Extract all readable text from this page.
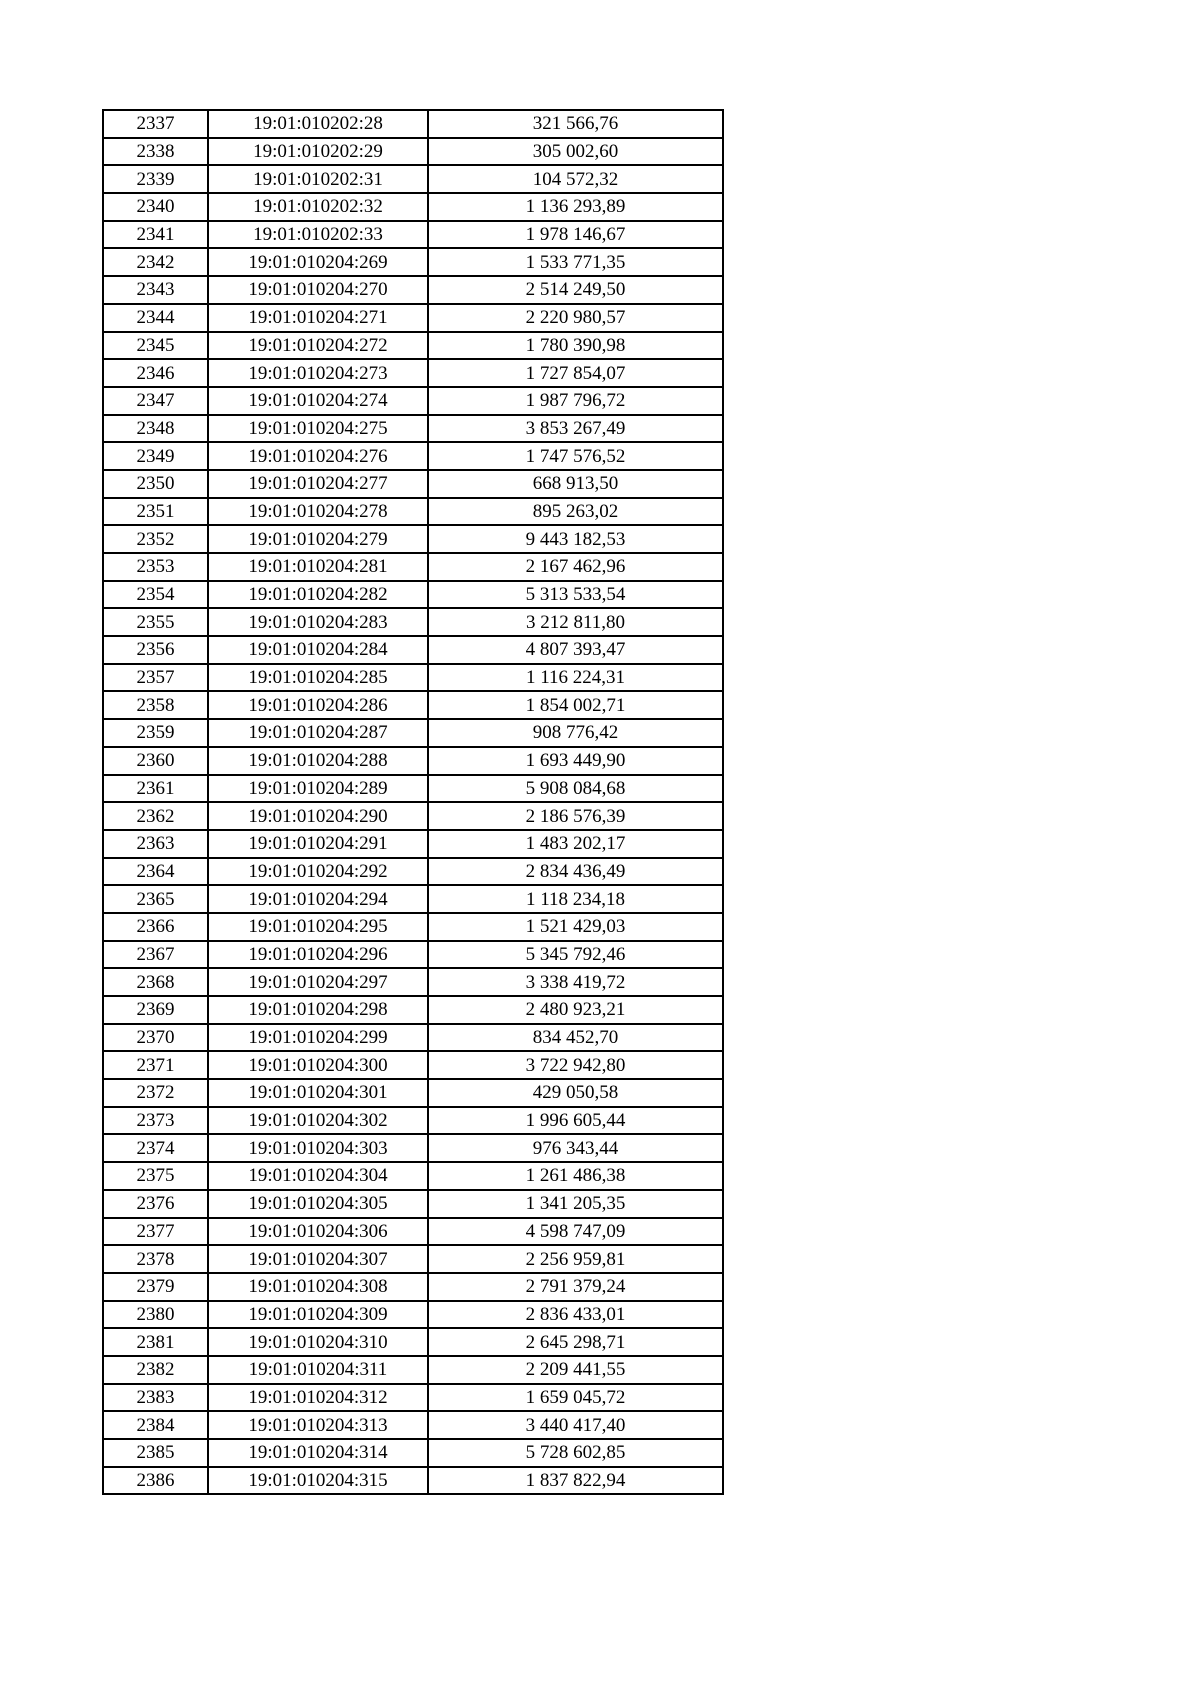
2337	19:01:010202:28	321 566,76
2338	19:01:010202:29	305 002,60
2339	19:01:010202:31	104 572,32
2340	19:01:010202:32	1 136 293,89
2341	19:01:010202:33	1 978 146,67
2342	19:01:010204:269	1 533 771,35
2343	19:01:010204:270	2 514 249,50
2344	19:01:010204:271	2 220 980,57
2345	19:01:010204:272	1 780 390,98
2346	19:01:010204:273	1 727 854,07
2347	19:01:010204:274	1 987 796,72
2348	19:01:010204:275	3 853 267,49
2349	19:01:010204:276	1 747 576,52
2350	19:01:010204:277	668 913,50
2351	19:01:010204:278	895 263,02
2352	19:01:010204:279	9 443 182,53
2353	19:01:010204:281	2 167 462,96
2354	19:01:010204:282	5 313 533,54
2355	19:01:010204:283	3 212 811,80
2356	19:01:010204:284	4 807 393,47
2357	19:01:010204:285	1 116 224,31
2358	19:01:010204:286	1 854 002,71
2359	19:01:010204:287	908 776,42
2360	19:01:010204:288	1 693 449,90
2361	19:01:010204:289	5 908 084,68
2362	19:01:010204:290	2 186 576,39
2363	19:01:010204:291	1 483 202,17
2364	19:01:010204:292	2 834 436,49
2365	19:01:010204:294	1 118 234,18
2366	19:01:010204:295	1 521 429,03
2367	19:01:010204:296	5 345 792,46
2368	19:01:010204:297	3 338 419,72
2369	19:01:010204:298	2 480 923,21
2370	19:01:010204:299	834 452,70
2371	19:01:010204:300	3 722 942,80
2372	19:01:010204:301	429 050,58
2373	19:01:010204:302	1 996 605,44
2374	19:01:010204:303	976 343,44
2375	19:01:010204:304	1 261 486,38
2376	19:01:010204:305	1 341 205,35
2377	19:01:010204:306	4 598 747,09
2378	19:01:010204:307	2 256 959,81
2379	19:01:010204:308	2 791 379,24
2380	19:01:010204:309	2 836 433,01
2381	19:01:010204:310	2 645 298,71
2382	19:01:010204:311	2 209 441,55
2383	19:01:010204:312	1 659 045,72
2384	19:01:010204:313	3 440 417,40
2385	19:01:010204:314	5 728 602,85
2386	19:01:010204:315	1 837 822,94
